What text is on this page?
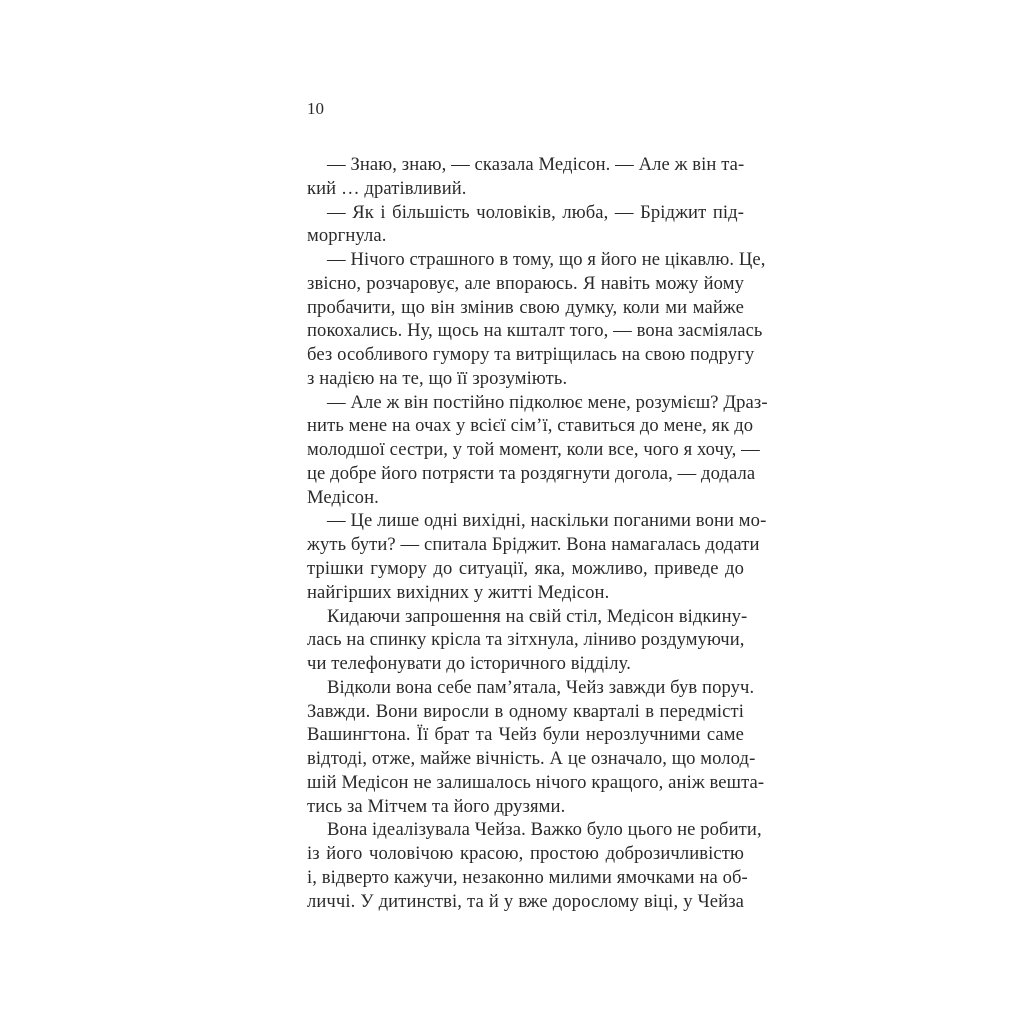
10
— Знаю, знаю, — сказала Медісон. — Але ж він та-
кий … дратівливий.
— Як і більшість чоловіків, люба, — Бріджит під-
моргнула.
— Нічого страшного в тому, що я його не цікавлю. Це,
звісно, розчаровує, але впораюсь. Я навіть можу йому
пробачити, що він змінив свою думку, коли ми майже
покохались. Ну, щось на кшталт того, — вона засміялась
без особливого гумору та витріщилась на свою подругу
з надією на те, що її зрозуміють.
— Але ж він постійно підколює мене, розумієш? Драз-
нить мене на очах у всієї сім’ї, ставиться до мене, як до
молодшої сестри, у той момент, коли все, чого я хочу, —
це добре його потрясти та роздягнути догола, — додала
Медісон.
— Це лише одні вихідні, наскільки поганими вони мо-
жуть бути? — спитала Бріджит. Вона намагалась додати
трішки гумору до ситуації, яка, можливо, приведе до
найгірших вихідних у житті Медісон.
Кидаючи запрошення на свій стіл, Медісон відкину-
лась на спинку крісла та зітхнула, ліниво роздумуючи,
чи телефонувати до історичного відділу.
Відколи вона себе пам’ятала, Чейз завжди був поруч.
Завжди. Вони виросли в одному кварталі в передмісті
Вашингтона. Її брат та Чейз були нерозлучними саме
відтоді, отже, майже вічність. А це означало, що молод-
шій Медісон не залишалось нічого кращого, аніж вешта-
тись за Мітчем та його друзями.
Вона ідеалізувала Чейза. Важко було цього не робити,
із його чоловічою красою, простою доброзичливістю
і, відверто кажучи, незаконно милими ямочками на об-
личчі. У дитинстві, та й у вже дорослому віці, у Чейза
